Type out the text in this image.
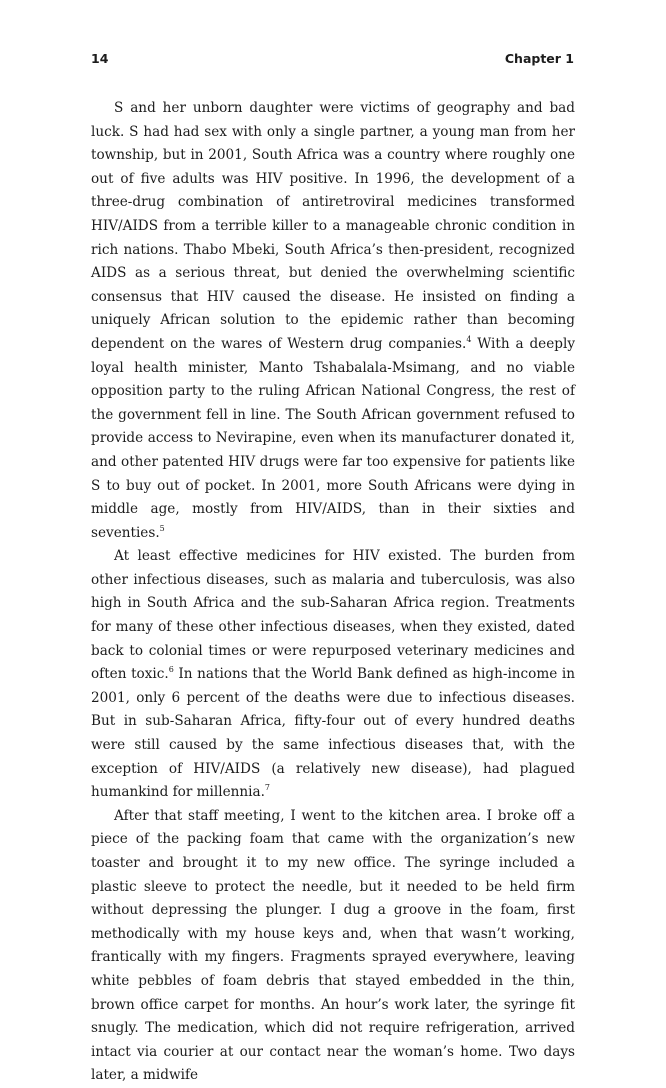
14	Chapter 1

S and her unborn daughter were victims of geography and bad luck. S had had sex with only a single partner, a young man from her township, but in 2001, South Africa was a country where roughly one out of five adults was HIV positive. In 1996, the development of a three-drug combination of antiretroviral medicines transformed HIV/AIDS from a terrible killer to a manageable chronic condition in rich nations. Thabo Mbeki, South Africa’s then-president, recognized AIDS as a serious threat, but denied the overwhelming scientific consensus that HIV caused the disease. He insisted on finding a uniquely African solution to the epidemic rather than becoming dependent on the wares of Western drug companies.$^4$ With a deeply loyal health minister, Manto Tshabalala-Msimang, and no viable opposition party to the ruling African National Congress, the rest of the government fell in line. The South African government refused to provide access to Nevirapine, even when its manufacturer donated it, and other patented HIV drugs were far too expensive for patients like S to buy out of pocket. In 2001, more South Africans were dying in middle age, mostly from HIV/AIDS, than in their sixties and seventies.$^5$

At least effective medicines for HIV existed. The burden from other infectious diseases, such as malaria and tuberculosis, was also high in South Africa and the sub-Saharan Africa region. Treatments for many of these other infectious diseases, when they existed, dated back to colonial times or were repurposed veterinary medicines and often toxic.$^6$ In nations that the World Bank defined as high-income in 2001, only 6 percent of the deaths were due to infectious diseases. But in sub-Saharan Africa, fifty-four out of every hundred deaths were still caused by the same infectious diseases that, with the exception of HIV/AIDS (a relatively new disease), had plagued humankind for millennia.$^7$

After that staff meeting, I went to the kitchen area. I broke off a piece of the packing foam that came with the organization’s new toaster and brought it to my new office. The syringe included a plastic sleeve to protect the needle, but it needed to be held firm without depressing the plunger. I dug a groove in the foam, first methodically with my house keys and, when that wasn’t working, frantically with my fingers. Fragments sprayed everywhere, leaving white pebbles of foam debris that stayed embedded in the thin, brown office carpet for months. An hour’s work later, the syringe fit snugly. The medication, which did not require refrigeration, arrived intact via courier at our contact near the woman’s home. Two days later, a midwife
